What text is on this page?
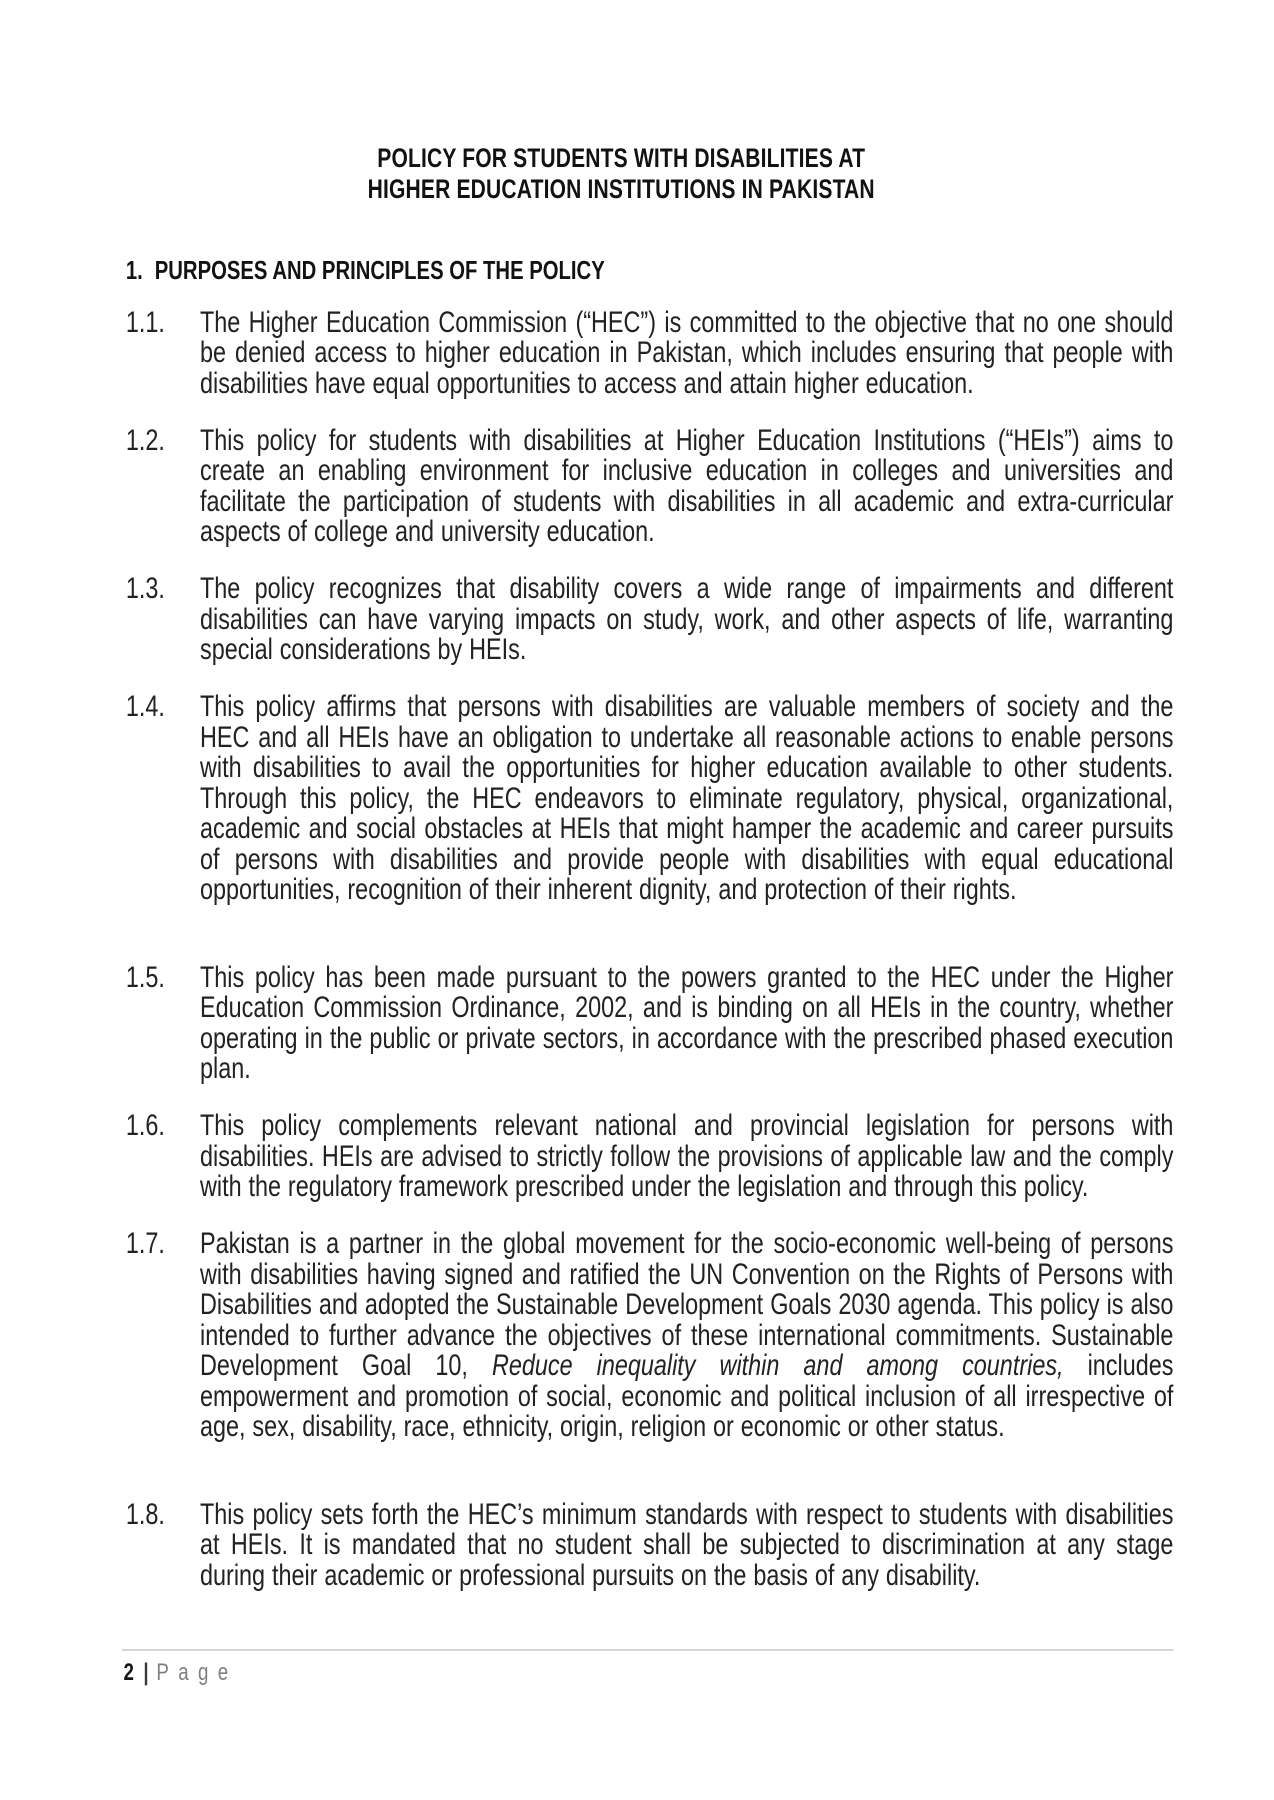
POLICY FOR STUDENTS WITH DISABILITIES AT
HIGHER EDUCATION INSTITUTIONS IN PAKISTAN
1. PURPOSES AND PRINCIPLES OF THE POLICY
1.1. The Higher Education Commission (“HEC”) is committed to the objective that no one should be denied access to higher education in Pakistan, which includes ensuring that people with disabilities have equal opportunities to access and attain higher education.
1.2. This policy for students with disabilities at Higher Education Institutions (“HEIs”) aims to create an enabling environment for inclusive education in colleges and universities and facilitate the participation of students with disabilities in all academic and extra-curricular aspects of college and university education.
1.3. The policy recognizes that disability covers a wide range of impairments and different disabilities can have varying impacts on study, work, and other aspects of life, warranting special considerations by HEIs.
1.4. This policy affirms that persons with disabilities are valuable members of society and the HEC and all HEIs have an obligation to undertake all reasonable actions to enable persons with disabilities to avail the opportunities for higher education available to other students. Through this policy, the HEC endeavors to eliminate regulatory, physical, organizational, academic and social obstacles at HEIs that might hamper the academic and career pursuits of persons with disabilities and provide people with disabilities with equal educational opportunities, recognition of their inherent dignity, and protection of their rights.
1.5. This policy has been made pursuant to the powers granted to the HEC under the Higher Education Commission Ordinance, 2002, and is binding on all HEIs in the country, whether operating in the public or private sectors, in accordance with the prescribed phased execution plan.
1.6. This policy complements relevant national and provincial legislation for persons with disabilities. HEIs are advised to strictly follow the provisions of applicable law and the comply with the regulatory framework prescribed under the legislation and through this policy.
1.7. Pakistan is a partner in the global movement for the socio-economic well-being of persons with disabilities having signed and ratified the UN Convention on the Rights of Persons with Disabilities and adopted the Sustainable Development Goals 2030 agenda. This policy is also intended to further advance the objectives of these international commitments. Sustainable Development Goal 10, Reduce inequality within and among countries, includes empowerment and promotion of social, economic and political inclusion of all irrespective of age, sex, disability, race, ethnicity, origin, religion or economic or other status.
1.8. This policy sets forth the HEC’s minimum standards with respect to students with disabilities at HEIs. It is mandated that no student shall be subjected to discrimination at any stage during their academic or professional pursuits on the basis of any disability.
2 | Page
